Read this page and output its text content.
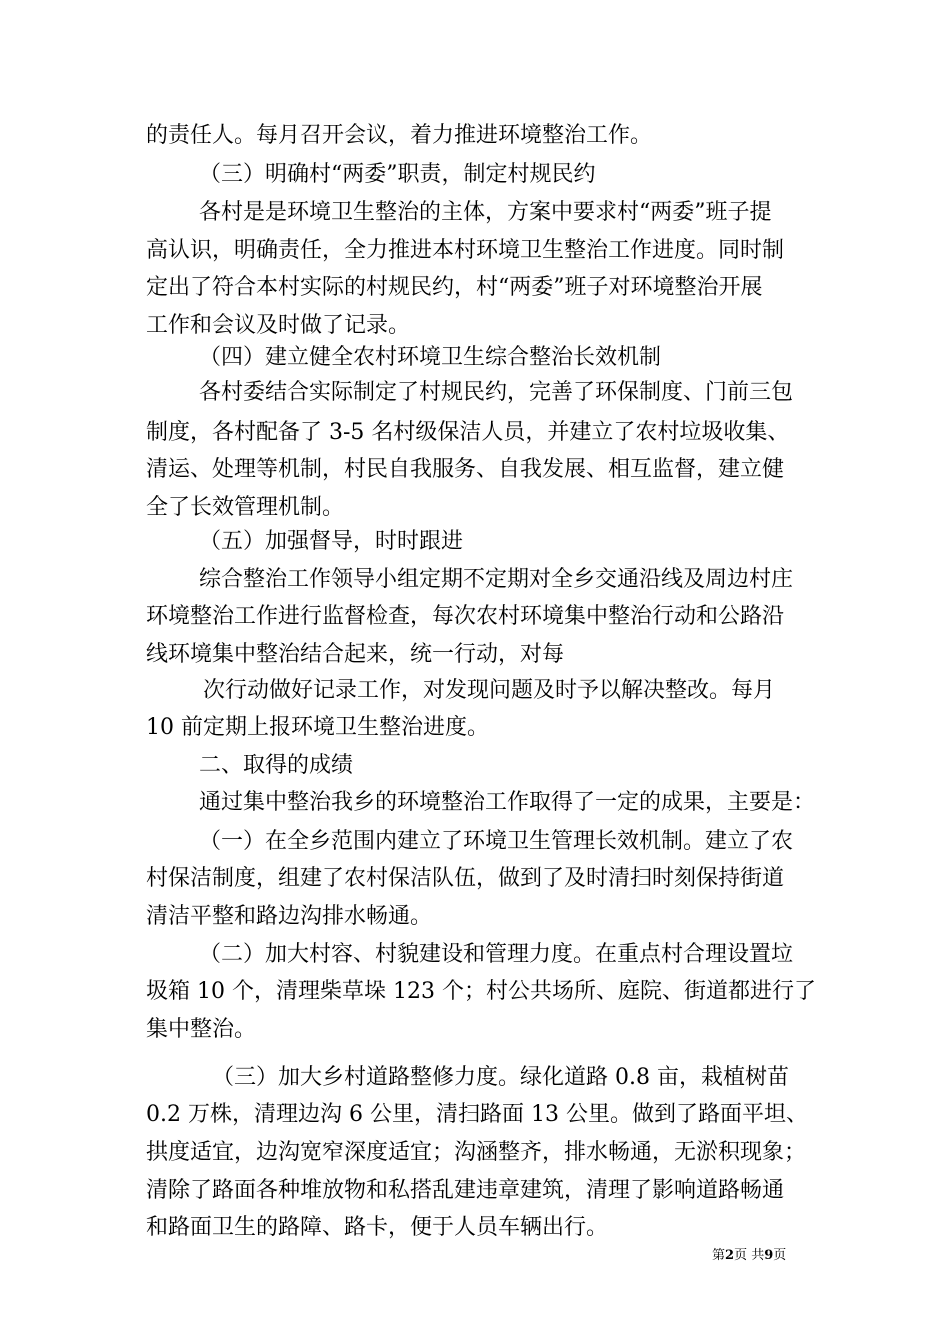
的责任人。每月召开会议，着力推进环境整治工作。
（三）明确村“两委”职责，制定村规民约
各村是是环境卫生整治的主体，方案中要求村“两委”班子提
高认识，明确责任，全力推进本村环境卫生整治工作进度。同时制
定出了符合本村实际的村规民约，村“两委”班子对环境整治开展
工作和会议及时做了记录。
（四）建立健全农村环境卫生综合整治长效机制
各村委结合实际制定了村规民约，完善了环保制度、门前三包
制度，各村配备了 3-5 名村级保洁人员，并建立了农村垃圾收集、
清运、处理等机制，村民自我服务、自我发展、相互监督，建立健
全了长效管理机制。
（五）加强督导，时时跟进
综合整治工作领导小组定期不定期对全乡交通沿线及周边村庄
环境整治工作进行监督检查，每次农村环境集中整治行动和公路沿
线环境集中整治结合起来，统一行动，对每
次行动做好记录工作，对发现问题及时予以解决整改。每月
10 前定期上报环境卫生整治进度。
二、取得的成绩
通过集中整治我乡的环境整治工作取得了一定的成果，主要是：
（一）在全乡范围内建立了环境卫生管理长效机制。建立了农
村保洁制度，组建了农村保洁队伍，做到了及时清扫时刻保持街道
清洁平整和路边沟排水畅通。
（二）加大村容、村貌建设和管理力度。在重点村合理设置垃
圾箱 10 个，清理柴草垛 123 个；村公共场所、庭院、街道都进行了
集中整治。
（三）加大乡村道路整修力度。绿化道路 0.8 亩，栽植树苗
0.2 万株，清理边沟 6 公里，清扫路面 13 公里。做到了路面平坦、
拱度适宜，边沟宽窄深度适宜；沟涵整齐，排水畅通，无淤积现象；
清除了路面各种堆放物和私搭乱建违章建筑，清理了影响道路畅通
和路面卫生的路障、路卡，便于人员车辆出行。
第2页 共9页
